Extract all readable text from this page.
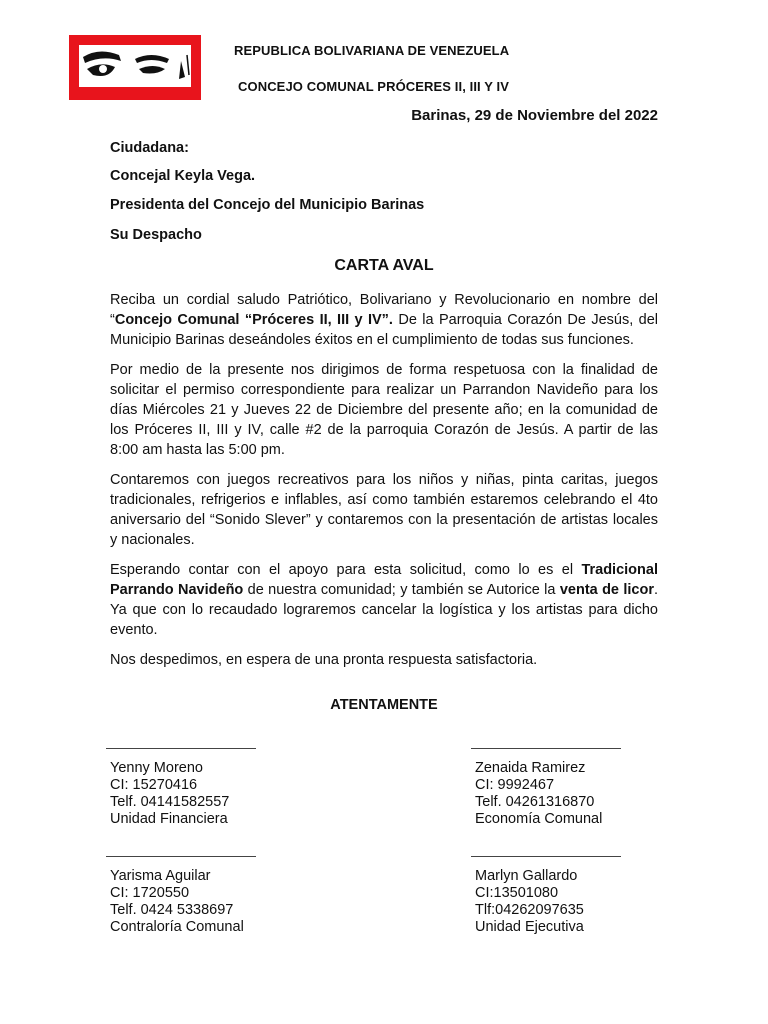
REPUBLICA BOLIVARIANA DE VENEZUELA
CONCEJO COMUNAL PRÓCERES II, III Y IV
Barinas, 29 de Noviembre del 2022
Ciudadana:
Concejal Keyla Vega.
Presidenta del Concejo del Municipio Barinas
Su Despacho
CARTA AVAL

Reciba un cordial saludo Patriótico, Bolivariano y Revolucionario en nombre del “Concejo Comunal “Próceres II, III y IV”. De la Parroquia Corazón De Jesús, del Municipio Barinas deseándoles éxitos en el cumplimiento de todas sus funciones.

Por medio de la presente nos dirigimos de forma respetuosa con la finalidad de solicitar el permiso correspondiente para realizar un Parrandon Navideño para los días Miércoles 21 y Jueves 22 de Diciembre del presente año; en la comunidad de los Próceres II, III y IV, calle #2 de la parroquia Corazón de Jesús. A partir de las 8:00 am hasta las 5:00 pm.

Contaremos con juegos recreativos para los niños y niñas, pinta caritas, juegos tradicionales, refrigerios e inflables, así como también estaremos celebrando el 4to aniversario del “Sonido Slever” y contaremos con la presentación de artistas locales y nacionales.

Esperando contar con el apoyo para esta solicitud, como lo es el Tradicional Parrando Navideño de nuestra comunidad; y también se Autorice la venta de licor. Ya que con lo recaudado lograremos cancelar la logística y los artistas para dicho evento.

Nos despedimos, en espera de una pronta respuesta satisfactoria.

ATENTAMENTE
Yenny Moreno
CI: 15270416
Telf. 04141582557
Unidad Financiera
Zenaida Ramirez
CI: 9992467
Telf. 04261316870
Economía Comunal
Yarisma Aguilar
CI: 1720550
Telf. 0424 5338697
Contraloría Comunal
Marlyn Gallardo
CI:13501080
Tlf:04262097635
Unidad Ejecutiva
